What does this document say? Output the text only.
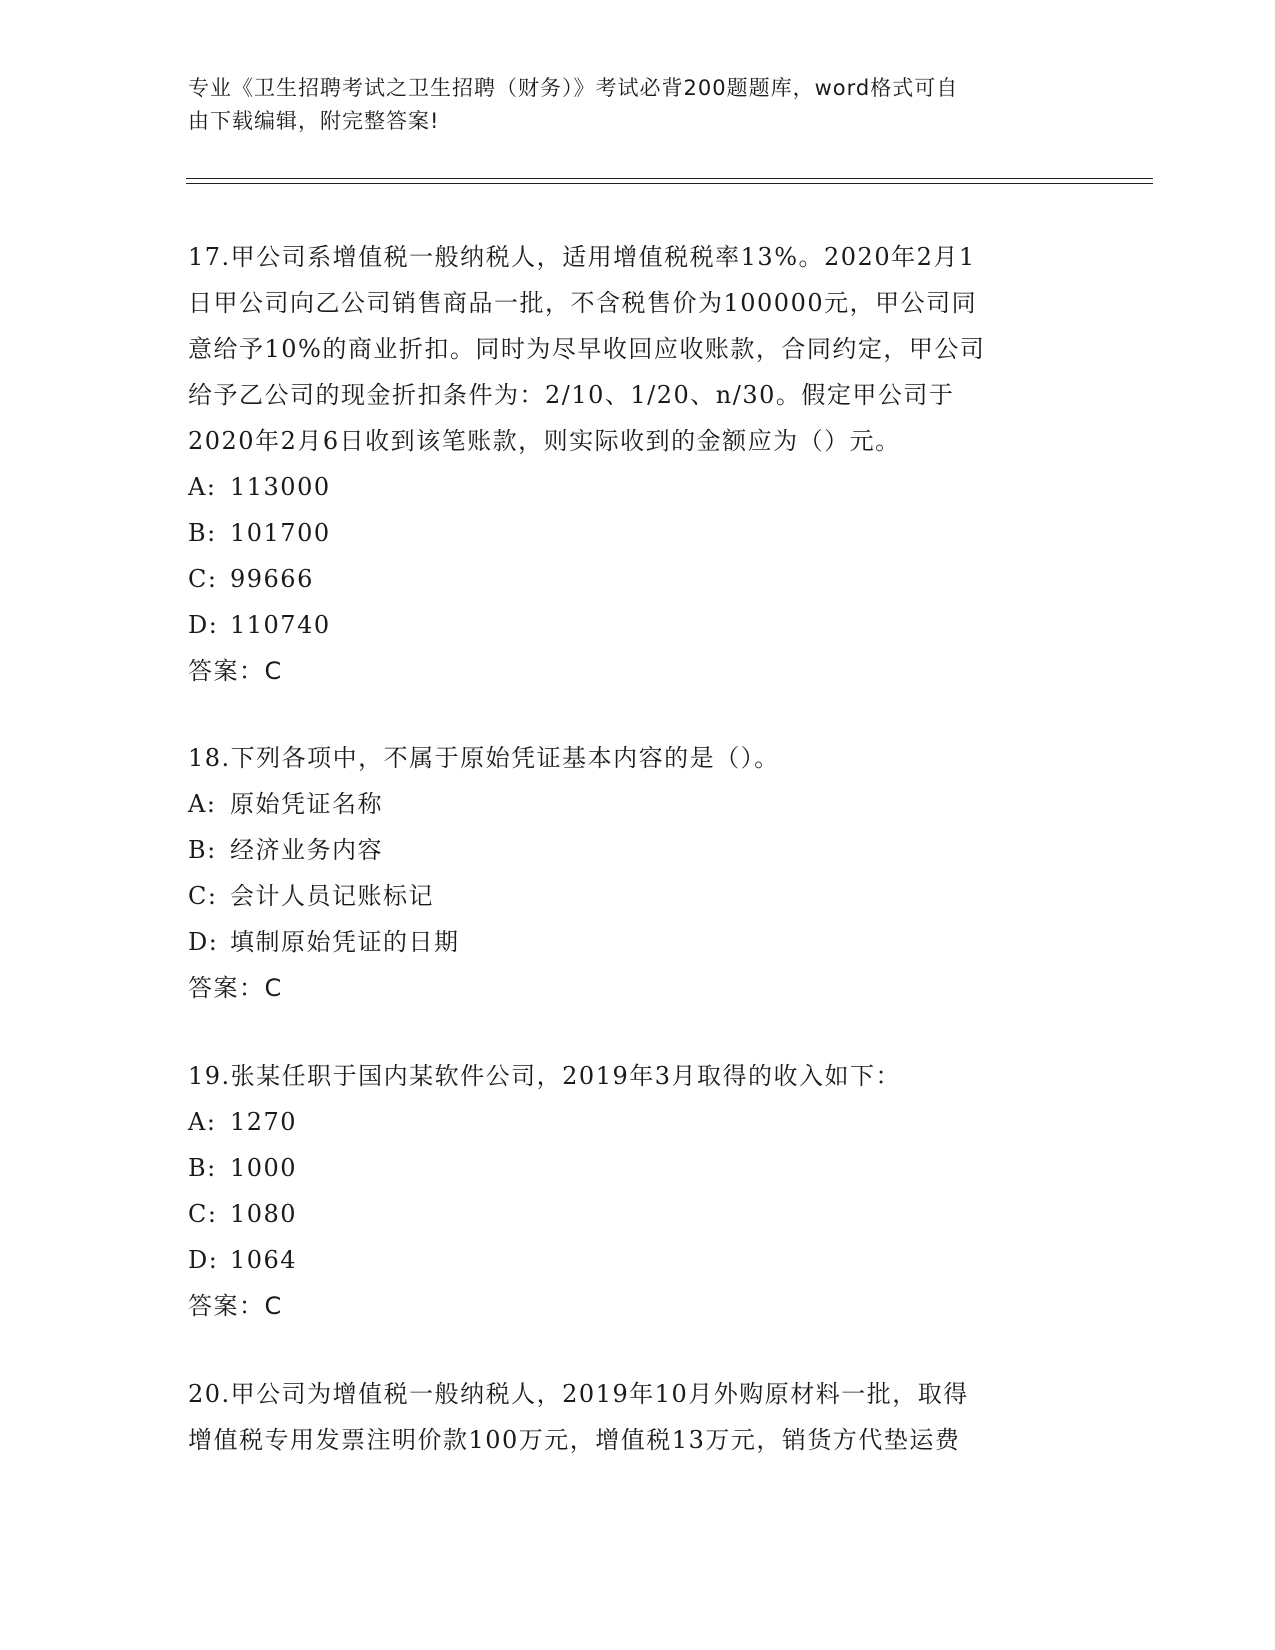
专业《卫生招聘考试之卫生招聘（财务）》考试必背200题题库，word格式可自
由下载编辑，附完整答案!
17.甲公司系增值税一般纳税人，适用增值税税率13%。2020年2月1
日甲公司向乙公司销售商品一批，不含税售价为100000元，甲公司同
意给予10%的商业折扣。同时为尽早收回应收账款，合同约定，甲公司
给予乙公司的现金折扣条件为：2/10、1/20、n/30。假定甲公司于
2020年2月6日收到该笔账款，则实际收到的金额应为（）元。
A: 113000
B: 101700
C: 99666
D: 110740
答案：C
18.下列各项中，不属于原始凭证基本内容的是（）。
A: 原始凭证名称
B: 经济业务内容
C: 会计人员记账标记
D: 填制原始凭证的日期
答案：C
19.张某任职于国内某软件公司，2019年3月取得的收入如下：
A: 1270
B: 1000
C: 1080
D: 1064
答案：C
20.甲公司为增值税一般纳税人，2019年10月外购原材料一批，取得
增值税专用发票注明价款100万元，增值税13万元，销货方代垫运费
